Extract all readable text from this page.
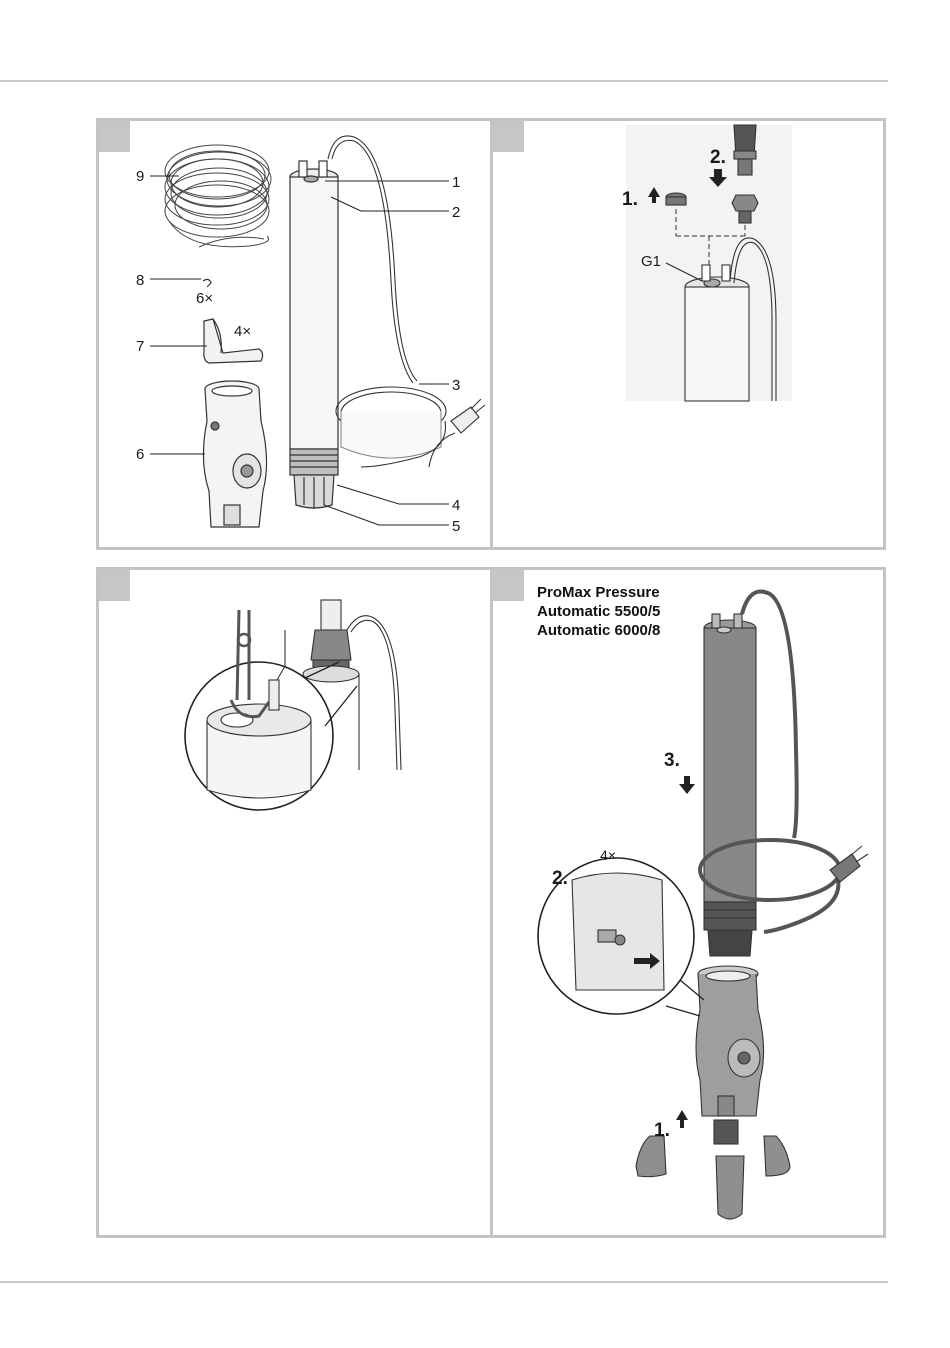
9
8
6×
7
4×
6
1
2
3
4
5
1.
2.
G1
ProMax Pressure
Automatic 5500/5
Automatic 6000/8
3.
2.
4×
1.
